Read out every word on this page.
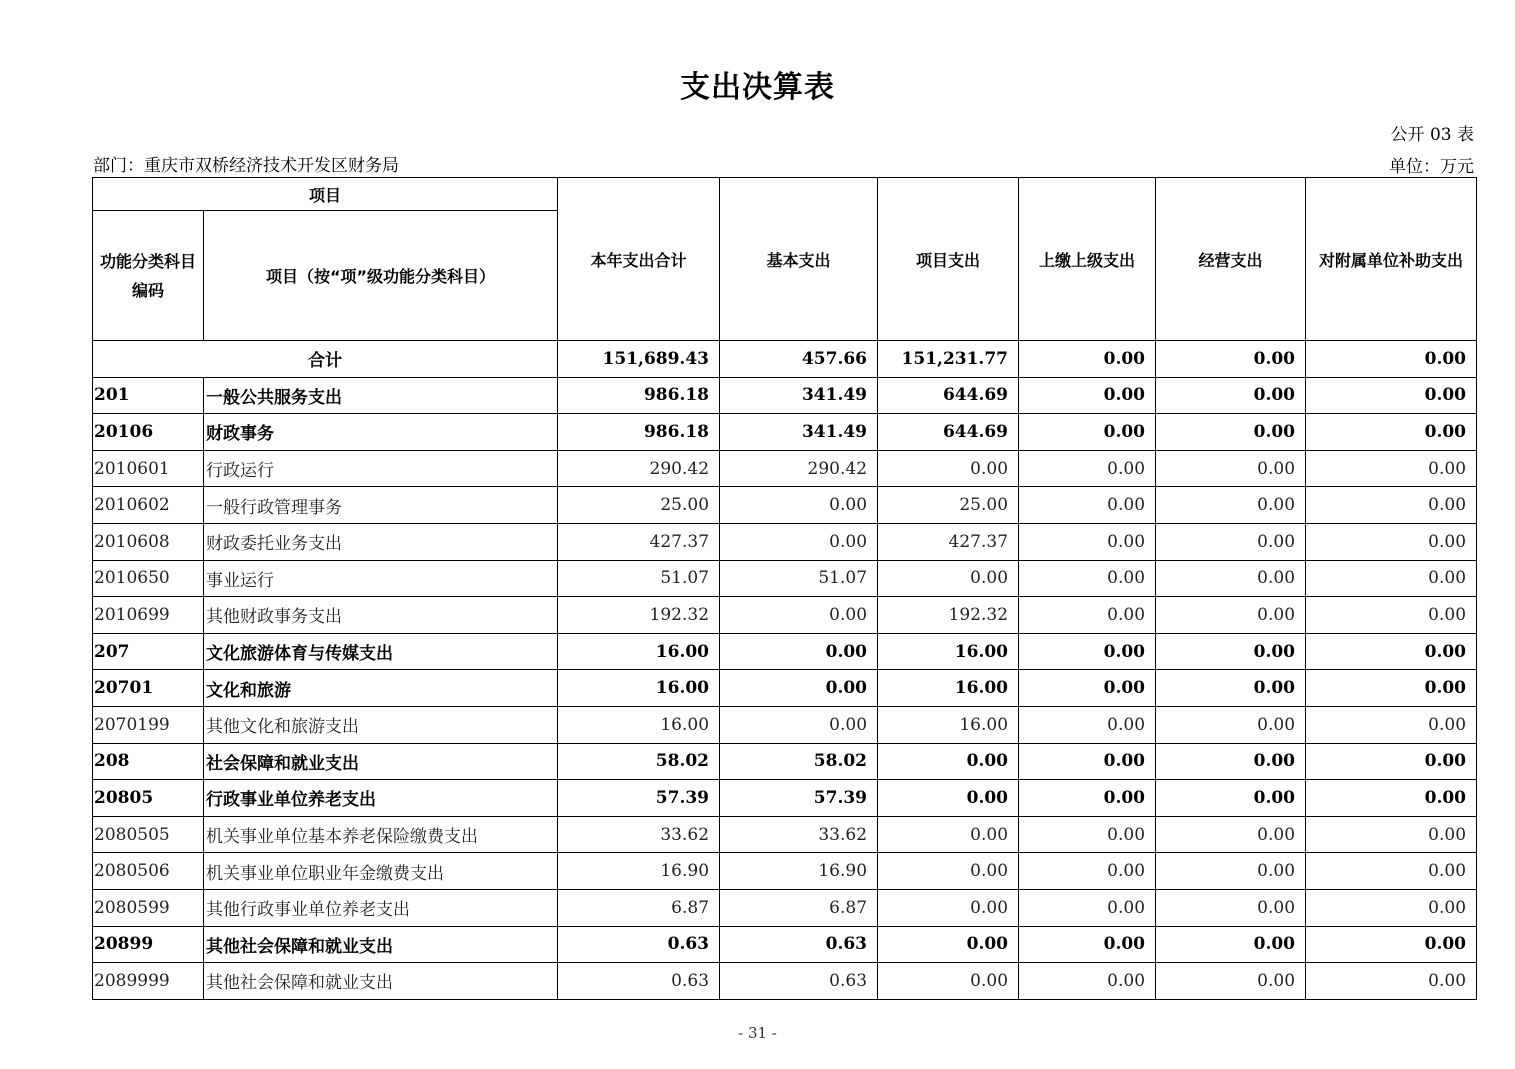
支出决算表
公开 03 表
部门：重庆市双桥经济技术开发区财务局	单位：万元
项目		本年支出合计	基本支出	项目支出	上缴上级支出	经营支出	对附属单位补助支出
功能分类科目编码	项目（按“项”级功能分类科目）						
合计		151,689.43	457.66	151,231.77	0.00	0.00	0.00
201	一般公共服务支出	986.18	341.49	644.69	0.00	0.00	0.00
20106	财政事务	986.18	341.49	644.69	0.00	0.00	0.00
2010601	行政运行	290.42	290.42	0.00	0.00	0.00	0.00
2010602	一般行政管理事务	25.00	0.00	25.00	0.00	0.00	0.00
2010608	财政委托业务支出	427.37	0.00	427.37	0.00	0.00	0.00
2010650	事业运行	51.07	51.07	0.00	0.00	0.00	0.00
2010699	其他财政事务支出	192.32	0.00	192.32	0.00	0.00	0.00
207	文化旅游体育与传媒支出	16.00	0.00	16.00	0.00	0.00	0.00
20701	文化和旅游	16.00	0.00	16.00	0.00	0.00	0.00
2070199	其他文化和旅游支出	16.00	0.00	16.00	0.00	0.00	0.00
208	社会保障和就业支出	58.02	58.02	0.00	0.00	0.00	0.00
20805	行政事业单位养老支出	57.39	57.39	0.00	0.00	0.00	0.00
2080505	机关事业单位基本养老保险缴费支出	33.62	33.62	0.00	0.00	0.00	0.00
2080506	机关事业单位职业年金缴费支出	16.90	16.90	0.00	0.00	0.00	0.00
2080599	其他行政事业单位养老支出	6.87	6.87	0.00	0.00	0.00	0.00
20899	其他社会保障和就业支出	0.63	0.63	0.00	0.00	0.00	0.00
2089999	其他社会保障和就业支出	0.63	0.63	0.00	0.00	0.00	0.00
- 31 -
